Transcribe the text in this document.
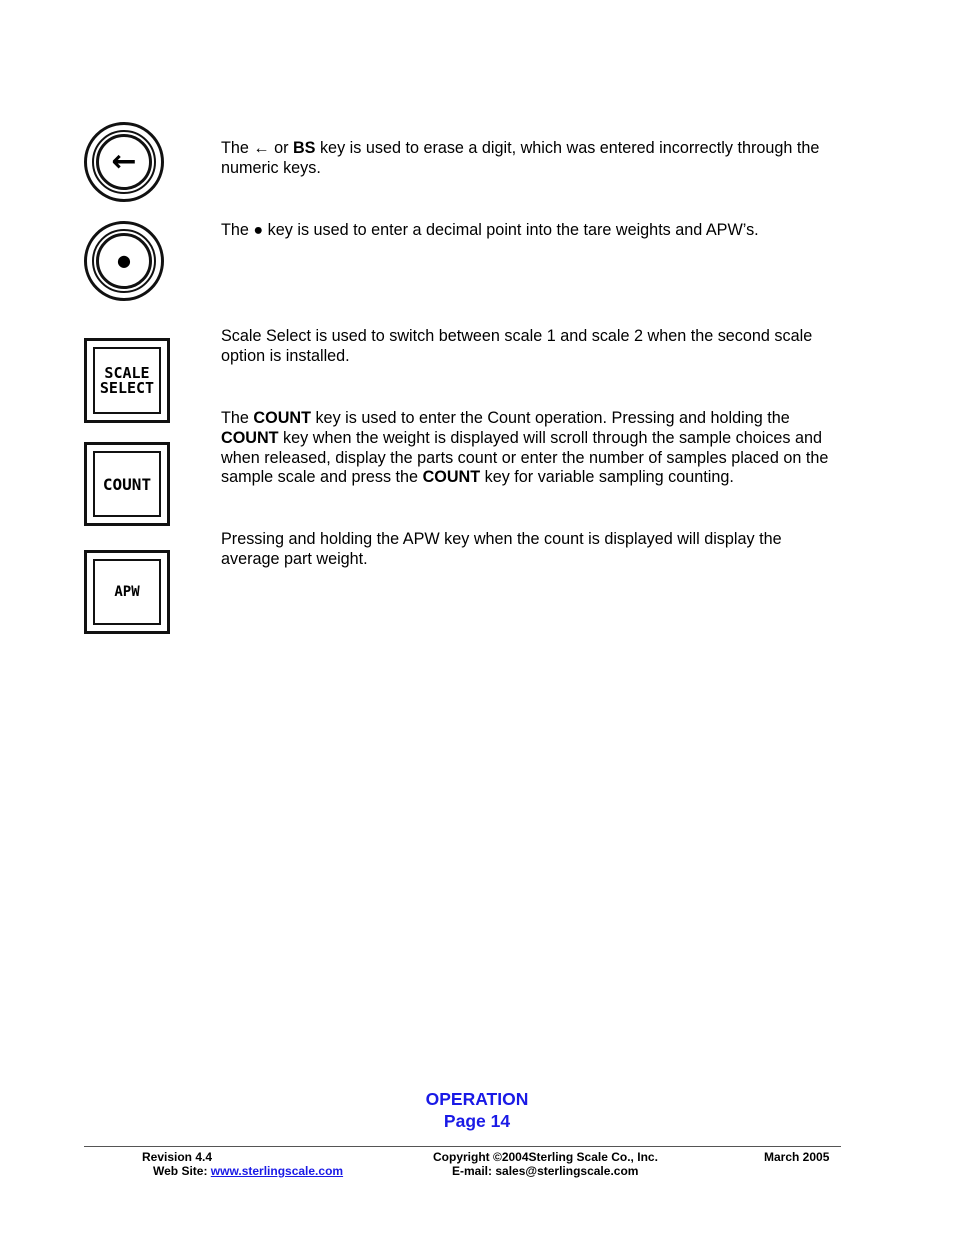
←
●
SCALE
SELECT
COUNT
APW
The ← or BS key is used to erase a digit, which was entered incorrectly through the numeric keys.
The ● key is used to enter a decimal point into the tare weights and APW’s.
Scale Select is used to switch between scale 1 and scale 2 when the second scale option is installed.
The COUNT key is used to enter the Count operation. Pressing and holding the COUNT key when the weight is displayed will scroll through the sample choices and when released, display the parts count or enter the number of samples placed on the sample scale and press the COUNT key for variable sampling counting.
Pressing and holding the APW key when the count is displayed will display the average part weight.
OPERATION
Page 14
Revision 4.4	Copyright ©2004Sterling Scale Co., Inc.	March 2005
Web Site: www.sterlingscale.com	E-mail: sales@sterlingscale.com
